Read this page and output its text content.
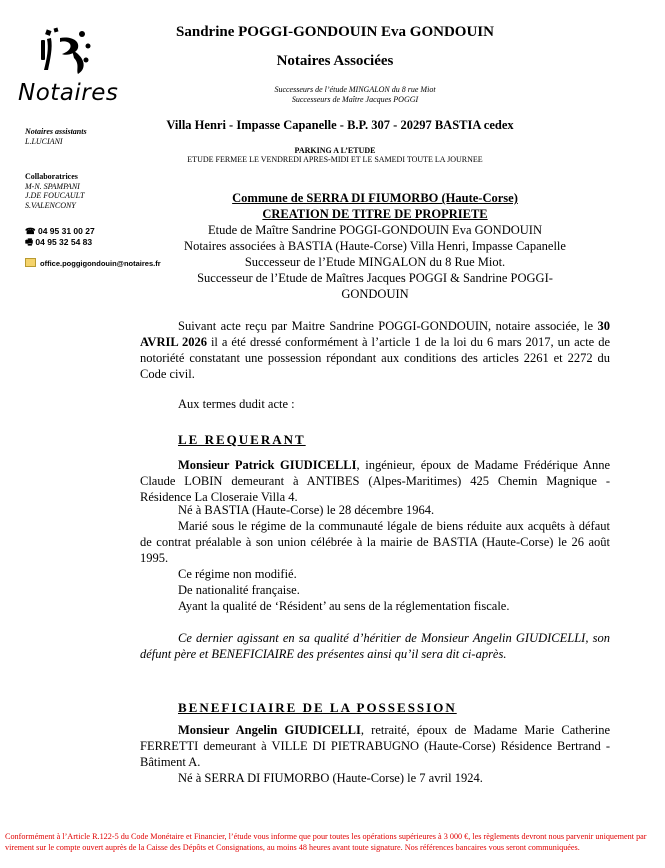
Notaires
Sandrine POGGI-GONDOUIN Eva GONDOUIN
Notaires Associées
Successeurs de l’étude MINGALON du 8 rue Miot
Successeurs de Maître Jacques POGGI
Villa Henri - Impasse Capanelle - B.P. 307 - 20297 BASTIA cedex
PARKING A L’ETUDE
ETUDE FERMEE LE VENDREDI APRES-MIDI ET LE SAMEDI TOUTE LA JOURNEE
Notaires assistants
L.LUCIANI
Collaboratrices
M-N. SPAMPANI
J.DE FOUCAULT
S.VALENCONY
☎ 04 95 31 00 27
🖷 04 95 32 54 83
office.poggigondouin@notaires.fr
Commune de SERRA DI FIUMORBO (Haute-Corse)
CREATION DE TITRE DE PROPRIETE
Etude de Maître Sandrine POGGI-GONDOUIN Eva GONDOUIN
Notaires associées à BASTIA (Haute-Corse) Villa Henri, Impasse Capanelle
Successeur de l’Etude MINGALON du 8 Rue Miot.
Successeur de l’Etude de Maîtres Jacques POGGI & Sandrine POGGI-
GONDOUIN
Suivant acte reçu par Maitre Sandrine POGGI-GONDOUIN, notaire associée, le 30 AVRIL 2026 il a été dressé conformément à l’article 1 de la loi du 6 mars 2017, un acte de notoriété constatant une possession répondant aux conditions des articles 2261 et 2272 du Code civil.
Aux termes dudit acte :
LE REQUERANT
Monsieur Patrick GIUDICELLI, ingénieur, époux de Madame Frédérique Anne Claude LOBIN demeurant à ANTIBES (Alpes-Maritimes) 425 Chemin Magnique - Résidence La Closeraie Villa 4.
Né à BASTIA (Haute-Corse) le 28 décembre 1964.
Marié sous le régime de la communauté légale de biens réduite aux acquêts à défaut de contrat préalable à son union célébrée à la mairie de BASTIA (Haute-Corse) le 26 août 1995.
Ce régime non modifié.
De nationalité française.
Ayant la qualité de ‘Résident’ au sens de la réglementation fiscale.
Ce dernier agissant en sa qualité d’héritier de Monsieur Angelin GIUDICELLI, son défunt père et BENEFICIAIRE des présentes ainsi qu’il sera dit ci-après.
BENEFICIAIRE DE LA POSSESSION
Monsieur Angelin GIUDICELLI, retraité, époux de Madame Marie Catherine FERRETTI demeurant à VILLE DI PIETRABUGNO (Haute-Corse) Résidence Bertrand - Bâtiment A.
Né à SERRA DI FIUMORBO (Haute-Corse) le 7 avril 1924.
Conformément à l’Article R.122-5 du Code Monétaire et Financier, l’étude vous informe que pour toutes les opérations supérieures à 3 000 €, les règlements devront nous parvenir uniquement par virement sur le compte ouvert auprès de la Caisse des Dépôts et Consignations, au moins 48 heures avant toute signature. Nos références bancaires vous seront communiquées.
